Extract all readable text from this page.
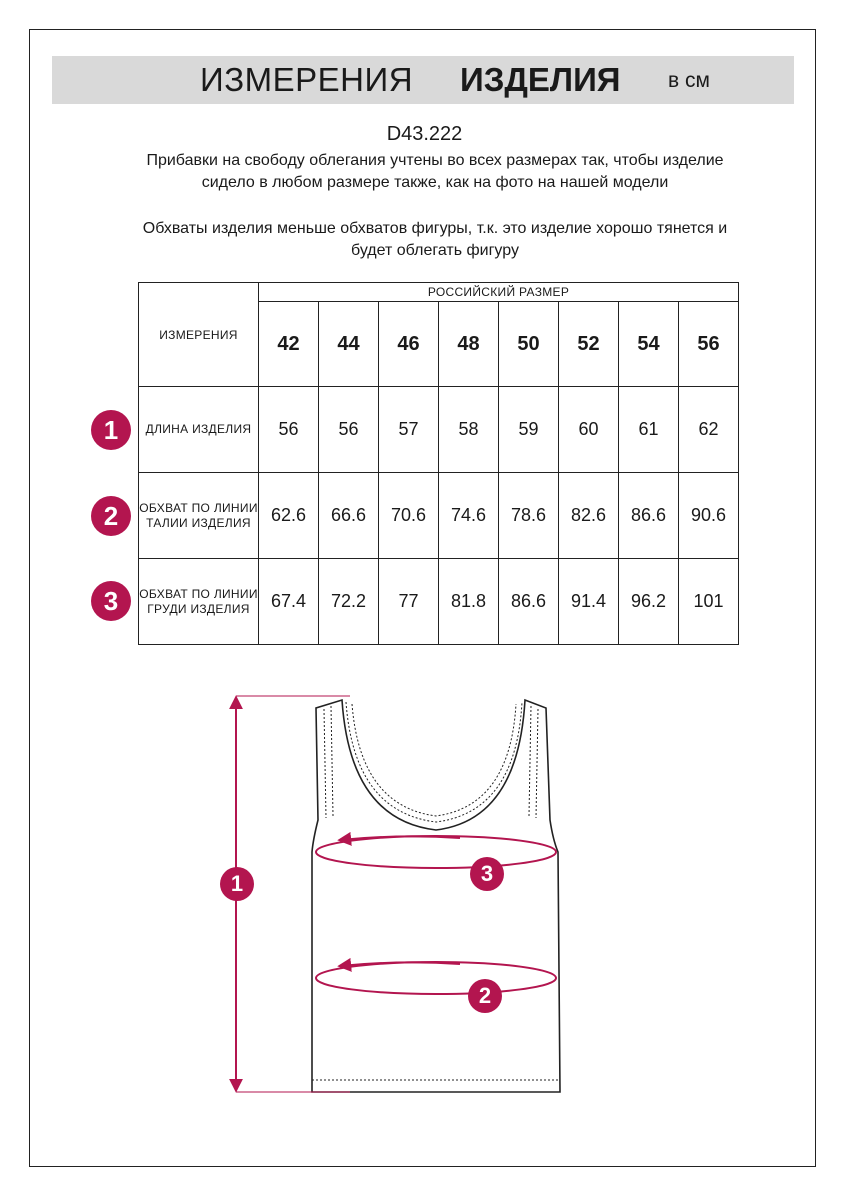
ИЗМЕРЕНИЯ ИЗДЕЛИЯ в см
D43.222
Прибавки на свободу облегания учтены во всех размерах так, чтобы изделие сидело в любом размере также, как на фото на нашей модели
Обхваты изделия меньше обхватов фигуры, т.к. это изделие хорошо тянется и будет облегать фигуру
ИЗМЕРЕНИЯ	РОССИЙСКИЙ РАЗМЕР							
	42	44	46	48	50	52	54	56
ДЛИНА ИЗДЕЛИЯ	56	56	57	58	59	60	61	62
ОБХВАТ ПО ЛИНИИ ТАЛИИ ИЗДЕЛИЯ	62.6	66.6	70.6	74.6	78.6	82.6	86.6	90.6
ОБХВАТ ПО ЛИНИИ ГРУДИ ИЗДЕЛИЯ	67.4	72.2	77	81.8	86.6	91.4	96.2	101
1
2
3
1	3
2
